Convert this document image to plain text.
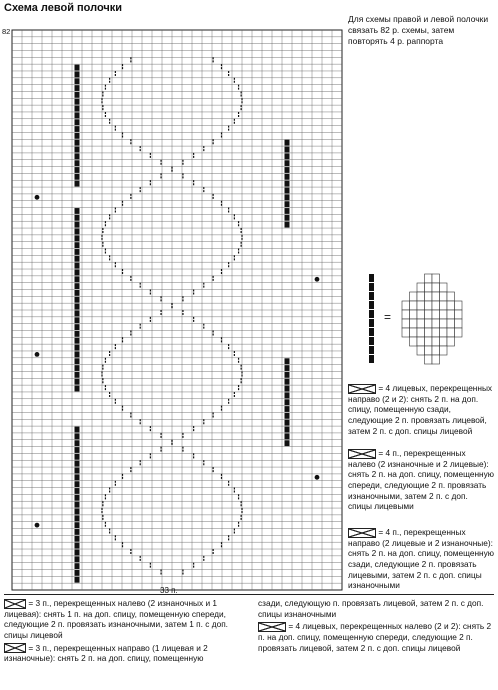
Схема левой полочки
82
33 п.
Для схемы правой и левой полочки связать 82 р. схемы, затем повторять 4 р. раппорта
=
= 4 лицевых, перекрещенных направо (2 и 2): снять 2 п. на доп. спицу, помещенную сзади, следующие 2 п. провязать лицевой, затем 2 п. с доп. спицы лицевой
= 4 п., перекрещенных налево (2 изнаночные и 2 лицевые): снять 2 п. на доп. спицу, помещенную спереди, следующие 2 п. провязать изнаночными, затем 2 п. с доп. спицы лицевыми
= 4 п., перекрещенных направо (2 лицевые и 2 изнаночные): снять 2 п. на доп. спицу, помещенную сзади, следующие 2 п. провязать лицевыми, затем 2 п. с доп. спицы изнаночными
= 3 п., перекрещенных налево (2 изнаночных и 1 лицевая): снять 1 п. на доп. спицу, помещенную спереди, следующие 2 п. провязать изнаночными, затем 1 п. с доп. спицы лицевой
= 3 п., перекрещенных направо (1 лицевая и 2 изнаночные): снять 2 п. на доп. спицу, помещенную
сзади, следующую п. провязать лицевой, затем 2 п. с доп. спицы изнаночными
= 4 лицевых, перекрещенных налево (2 и 2): снять 2 п. на доп. спицу, помещенную спереди, следующие 2 п. провязать лицевой, затем 2 п. с доп. спицы лицевой
